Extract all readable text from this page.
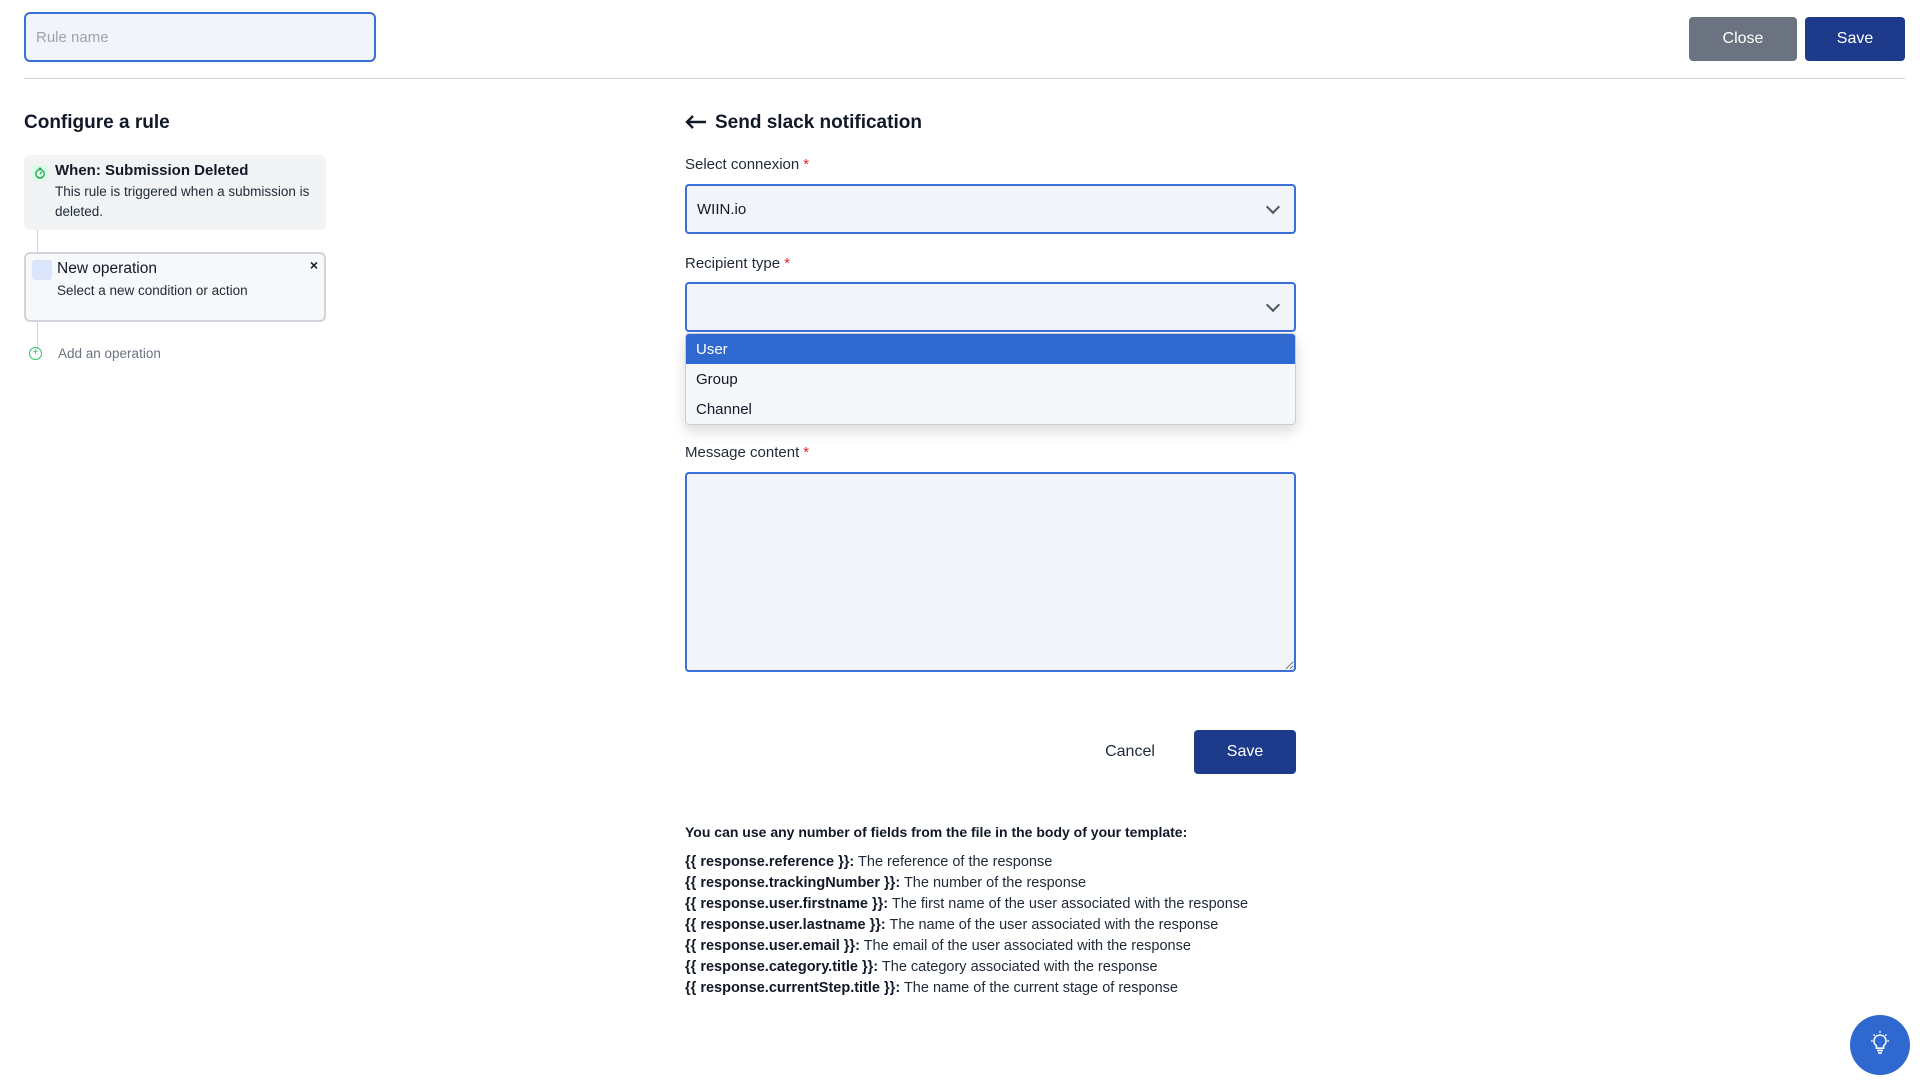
Rule name
Close	Save
Configure a rule
When: Submission Deleted
This rule is triggered when a submission is deleted.
New operation
Select a new condition or action
×
+ Add an operation
Send slack notification
Select connexion *
WIIN.io
Recipient type *
User
Group
Channel
Message content *
Cancel	Save
You can use any number of fields from the file in the body of your template:
{{ response.reference }}: The reference of the response
{{ response.trackingNumber }}: The number of the response
{{ response.user.firstname }}: The first name of the user associated with the response
{{ response.user.lastname }}: The name of the user associated with the response
{{ response.user.email }}: The email of the user associated with the response
{{ response.category.title }}: The category associated with the response
{{ response.currentStep.title }}: The name of the current stage of response
